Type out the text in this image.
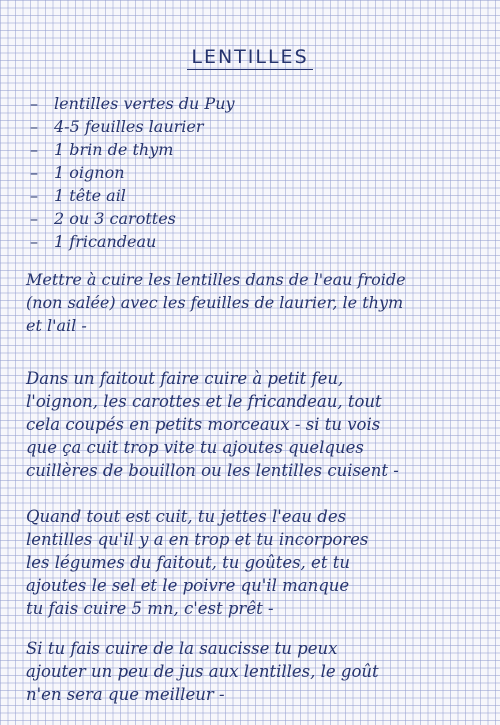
LENTILLES
– lentilles vertes du Puy
– 4-5 feuilles laurier
– 1 brin de thym
– 1 oignon
– 1 tête ail
– 2 ou 3 carottes
– 1 fricandeau
Mettre à cuire les lentilles dans de l'eau froide
(non salée) avec les feuilles de laurier, le thym
et l'ail -
Dans un faitout faire cuire à petit feu,
l'oignon, les carottes et le fricandeau, tout
cela coupés en petits morceaux - si tu vois
que ça cuit trop vite tu ajoutes quelques
cuillères de bouillon ou les lentilles cuisent -
Quand tout est cuit, tu jettes l'eau des
lentilles qu'il y a en trop et tu incorpores
les légumes du faitout, tu goûtes, et tu
ajoutes le sel et le poivre qu'il manque
tu fais cuire 5 mn, c'est prêt -
Si tu fais cuire de la saucisse tu peux
ajouter un peu de jus aux lentilles, le goût
n'en sera que meilleur -
